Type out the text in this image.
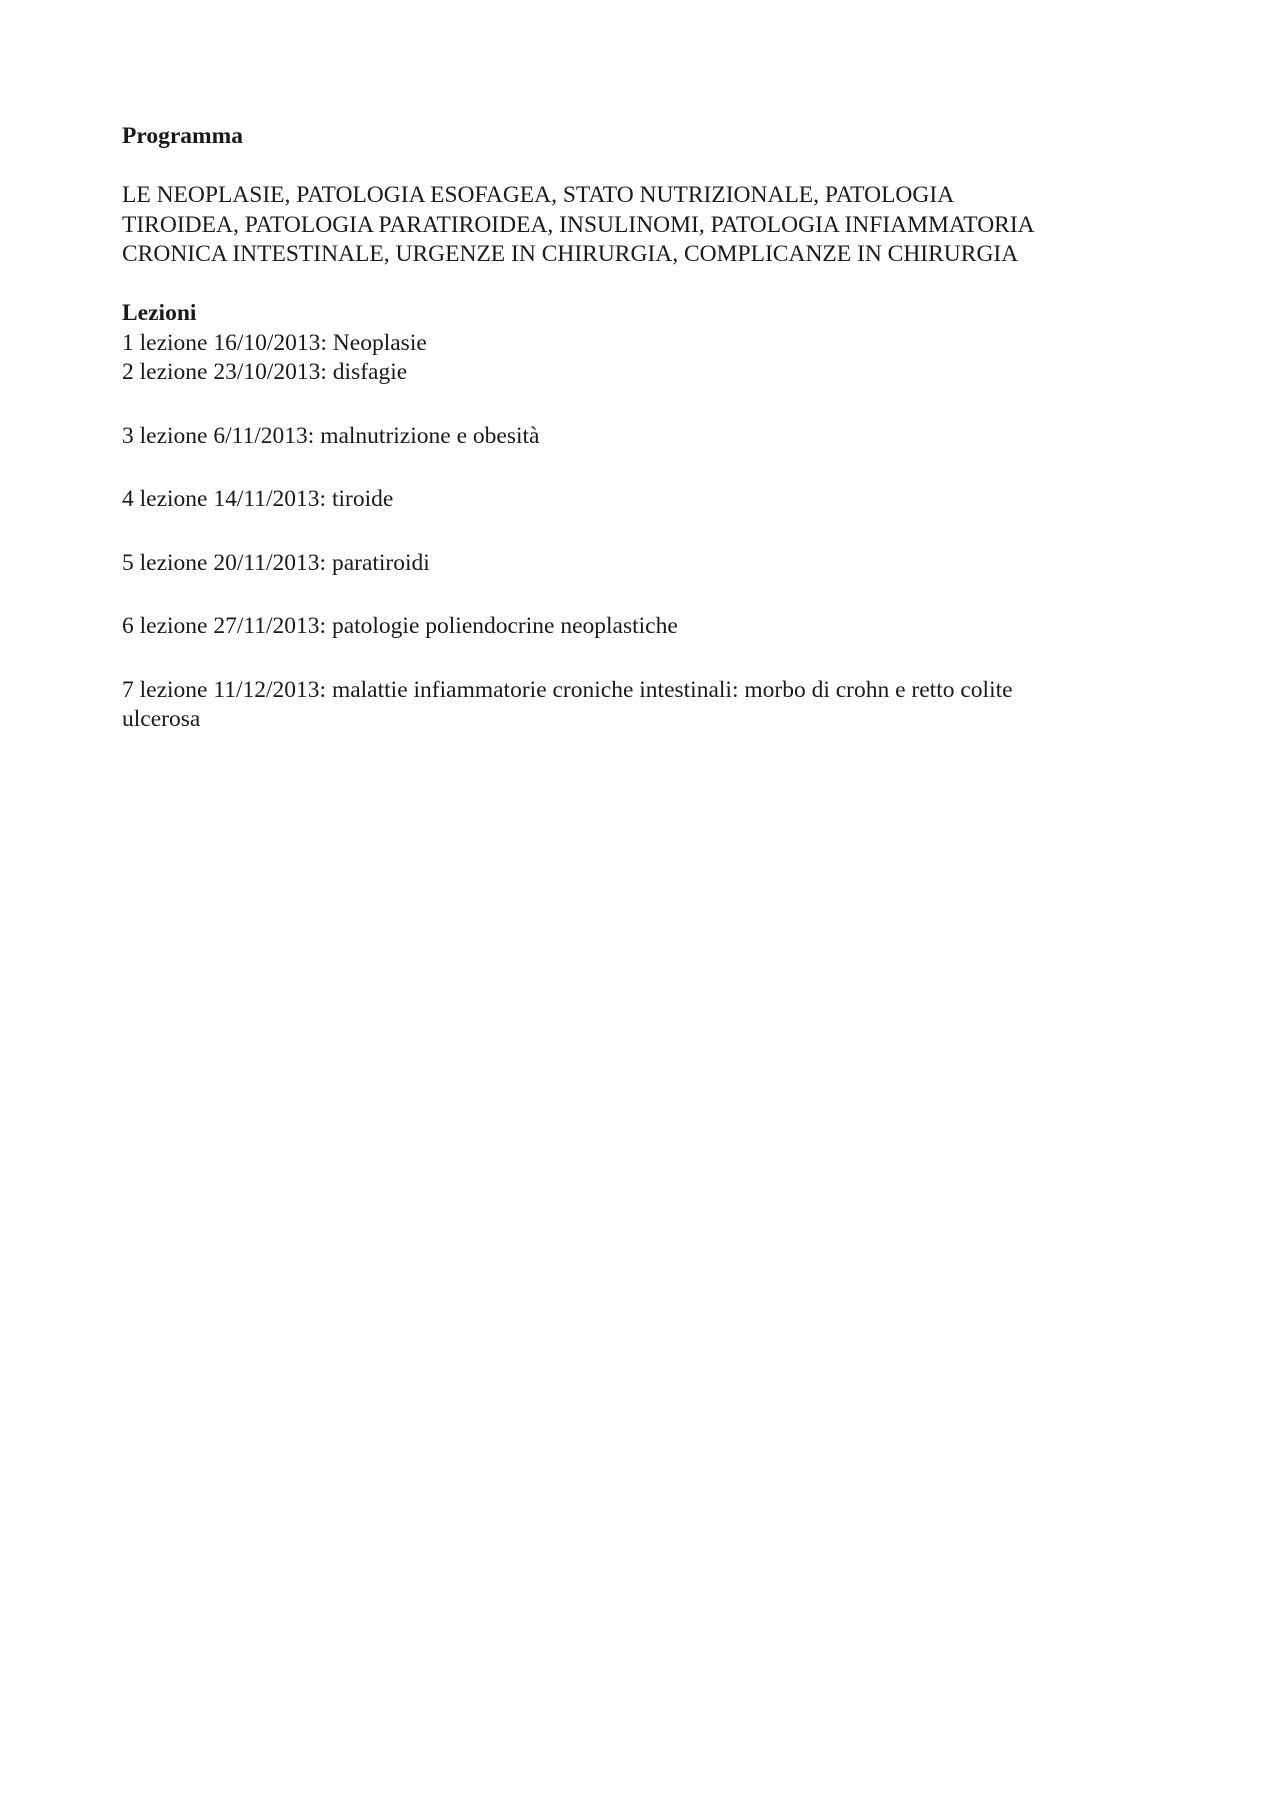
Programma

LE NEOPLASIE, PATOLOGIA ESOFAGEA, STATO NUTRIZIONALE, PATOLOGIA
TIROIDEA, PATOLOGIA PARATIROIDEA, INSULINOMI, PATOLOGIA INFIAMMATORIA
CRONICA INTESTINALE, URGENZE IN CHIRURGIA, COMPLICANZE IN CHIRURGIA

Lezioni

1 lezione 16/10/2013: Neoplasie

2 lezione 23/10/2013: disfagie

3 lezione 6/11/2013: malnutrizione e obesità

4 lezione 14/11/2013: tiroide

5 lezione 20/11/2013: paratiroidi

6 lezione 27/11/2013: patologie poliendocrine neoplastiche

7 lezione 11/12/2013: malattie infiammatorie croniche intestinali: morbo di crohn e retto colite

ulcerosa
